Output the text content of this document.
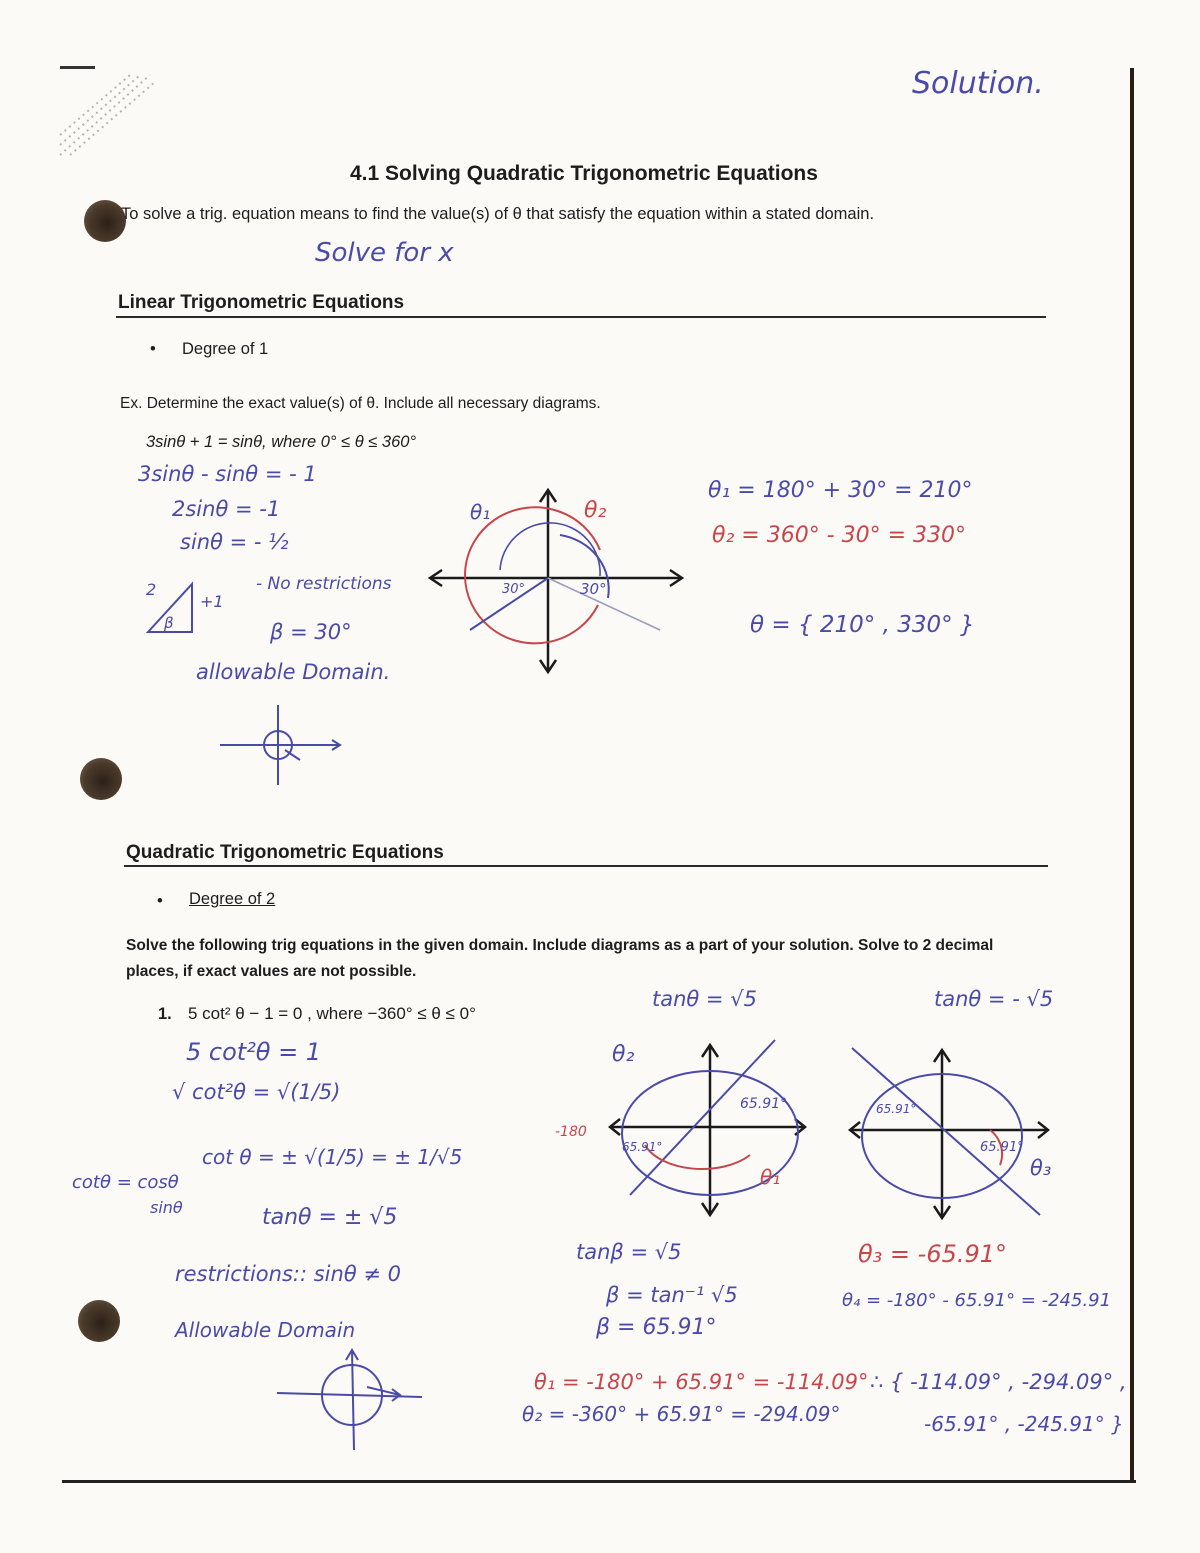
Solution.
4.1 Solving Quadratic Trigonometric Equations
To solve a trig. equation means to find the value(s) of θ that satisfy the equation within a stated domain.
Solve for x
Linear Trigonometric Equations
• Degree of 1
Ex. Determine the exact value(s) of θ. Include all necessary diagrams.
3sinθ + 1 = sinθ, where 0° ≤ θ ≤ 360°
3sinθ - sinθ = - 1
2sinθ = -1
sinθ = - ½
- No restrictions
β = 30°
allowable Domain.
2
+1
β
θ₁	θ₂
30°	30°
θ₁ = 180° + 30° = 210°
θ₂ = 360° - 30° = 330°
θ = { 210° , 330° }
Quadratic Trigonometric Equations
• Degree of 2
Solve the following trig equations in the given domain. Include diagrams as a part of your solution. Solve to 2 decimal
places, if exact values are not possible.
1. 5 cot² θ − 1 = 0 , where −360° ≤ θ ≤ 0°
5 cot²θ = 1
√ cot²θ = √(1/5)
cot θ = ± √(1/5) = ± 1/√5
tanθ = ± √5
restrictions:: sinθ ≠ 0
Allowable Domain
cotθ = cosθ
sinθ
tanθ = √5
θ₂
65.91°
65.91°
θ₁
-180
tanθ = - √5
65.91°
65.91°
θ₃
tanβ = √5
β = tan⁻¹ √5
β = 65.91°
θ₁ = -180° + 65.91° = -114.09°
θ₂ = -360° + 65.91° = -294.09°
θ₃ = -65.91°
θ₄ = -180° - 65.91° = -245.91
∴ { -114.09° , -294.09° ,
-65.91° , -245.91° }
